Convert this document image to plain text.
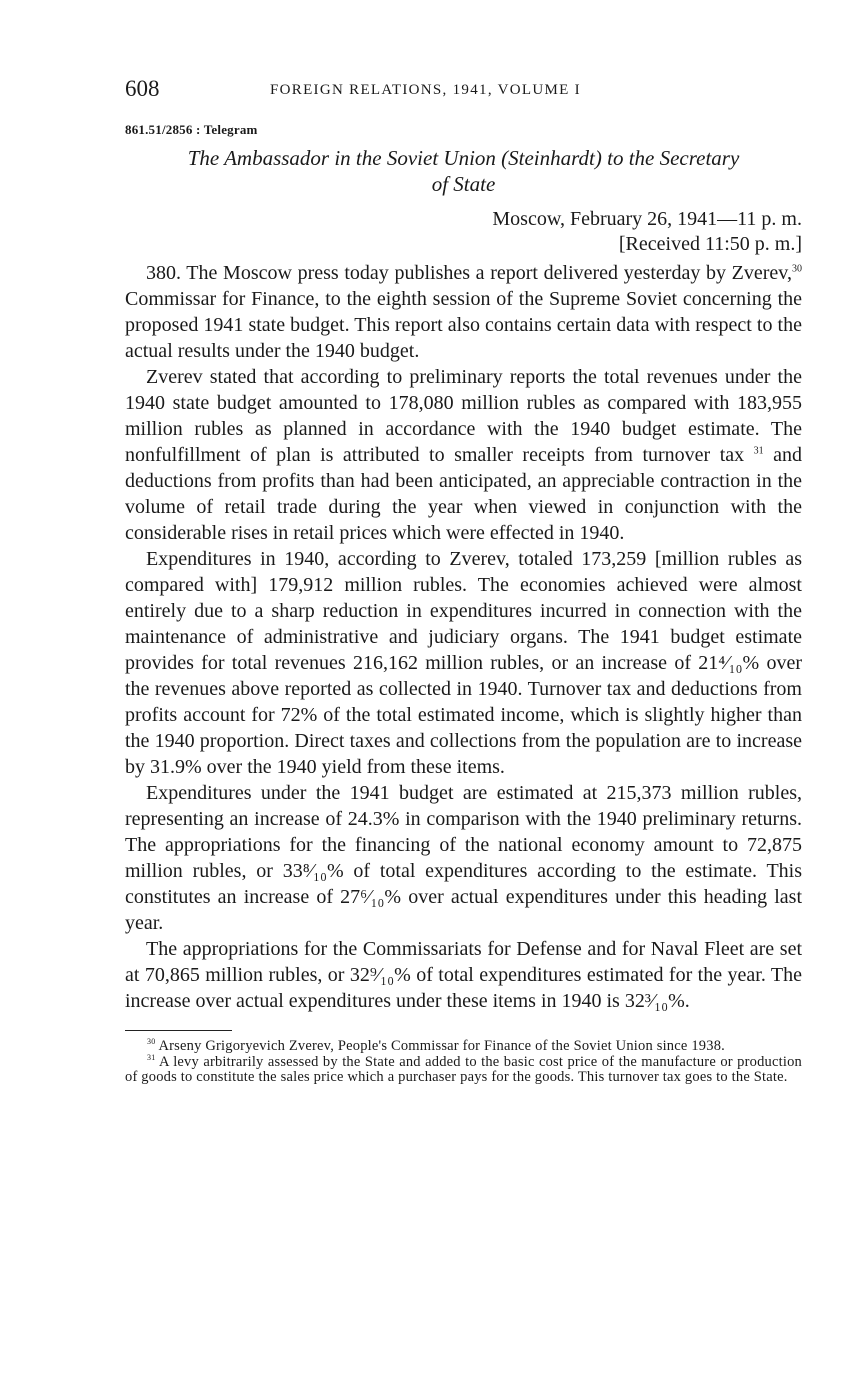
608	FOREIGN RELATIONS, 1941, VOLUME I
861.51/2856 : Telegram
The Ambassador in the Soviet Union (Steinhardt) to the Secretary
of State
Moscow, February 26, 1941—11 p. m.
[Received 11:50 p. m.]

380. The Moscow press today publishes a report delivered yesterday by Zverev,$^{30}$ Commissar for Finance, to the eighth session of the Supreme Soviet concerning the proposed 1941 state budget. This report also contains certain data with respect to the actual results under the 1940 budget.

Zverev stated that according to preliminary reports the total revenues under the 1940 state budget amounted to 178,080 million rubles as compared with 183,955 million rubles as planned in accordance with the 1940 budget estimate. The nonfulfillment of plan is attributed to smaller receipts from turnover tax $^{31}$ and deductions from profits than had been anticipated, an appreciable contraction in the volume of retail trade during the year when viewed in conjunction with the considerable rises in retail prices which were effected in 1940.

Expenditures in 1940, according to Zverev, totaled 173,259 [million rubles as compared with] 179,912 million rubles. The economies achieved were almost entirely due to a sharp reduction in expenditures incurred in connection with the maintenance of administrative and judiciary organs. The 1941 budget estimate provides for total revenues 216,162 million rubles, or an increase of 21⁴⁄₁₀% over the revenues above reported as collected in 1940. Turnover tax and deductions from profits account for 72% of the total estimated income, which is slightly higher than the 1940 proportion. Direct taxes and collections from the population are to increase by 31.9% over the 1940 yield from these items.

Expenditures under the 1941 budget are estimated at 215,373 million rubles, representing an increase of 24.3% in comparison with the 1940 preliminary returns. The appropriations for the financing of the national economy amount to 72,875 million rubles, or 33⁸⁄₁₀% of total expenditures according to the estimate. This constitutes an increase of 27⁶⁄₁₀% over actual expenditures under this heading last year.

The appropriations for the Commissariats for Defense and for Naval Fleet are set at 70,865 million rubles, or 32⁹⁄₁₀% of total expenditures estimated for the year. The increase over actual expenditures under these items in 1940 is 32³⁄₁₀%.

$^{30}$ Arseny Grigoryevich Zverev, People's Commissar for Finance of the Soviet Union since 1938.

$^{31}$ A levy arbitrarily assessed by the State and added to the basic cost price of the manufacture or production of goods to constitute the sales price which a purchaser pays for the goods. This turnover tax goes to the State.
